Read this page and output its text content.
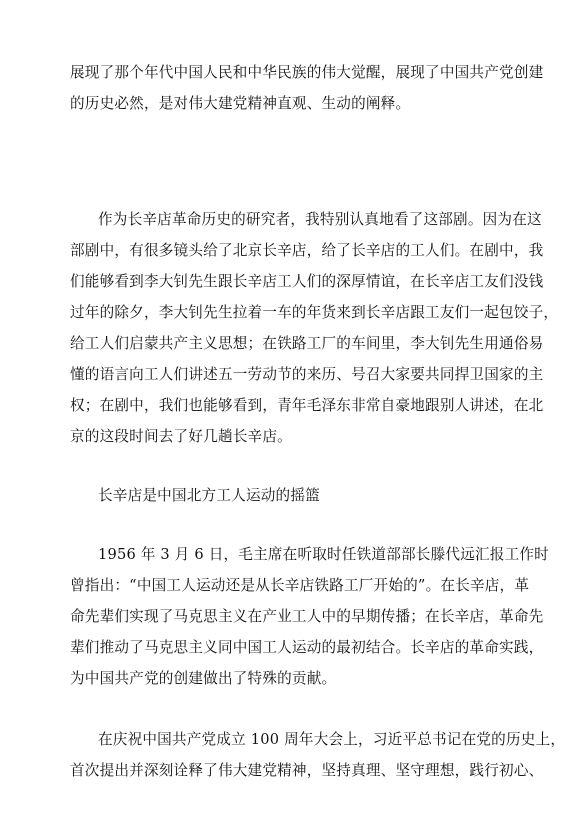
展现了那个年代中国人民和中华民族的伟大觉醒，展现了中国共产党创建
的历史必然，是对伟大建党精神直观、生动的阐释。
作为长辛店革命历史的研究者，我特别认真地看了这部剧。因为在这
部剧中，有很多镜头给了北京长辛店，给了长辛店的工人们。在剧中，我
们能够看到李大钊先生跟长辛店工人们的深厚情谊，在长辛店工友们没钱
过年的除夕，李大钊先生拉着一车的年货来到长辛店跟工友们一起包饺子，
给工人们启蒙共产主义思想；在铁路工厂的车间里，李大钊先生用通俗易
懂的语言向工人们讲述五一劳动节的来历、号召大家要共同捍卫国家的主
权；在剧中，我们也能够看到，青年毛泽东非常自豪地跟别人讲述，在北
京的这段时间去了好几趟长辛店。
长辛店是中国北方工人运动的摇篮
1956 年 3 月 6 日，毛主席在听取时任铁道部部长滕代远汇报工作时
曾指出：“中国工人运动还是从长辛店铁路工厂开始的”。在长辛店，革
命先辈们实现了马克思主义在产业工人中的早期传播；在长辛店，革命先
辈们推动了马克思主义同中国工人运动的最初结合。长辛店的革命实践，
为中国共产党的创建做出了特殊的贡献。
在庆祝中国共产党成立 100 周年大会上，习近平总书记在党的历史上，
首次提出并深刻诠释了伟大建党精神，坚持真理、坚守理想，践行初心、
